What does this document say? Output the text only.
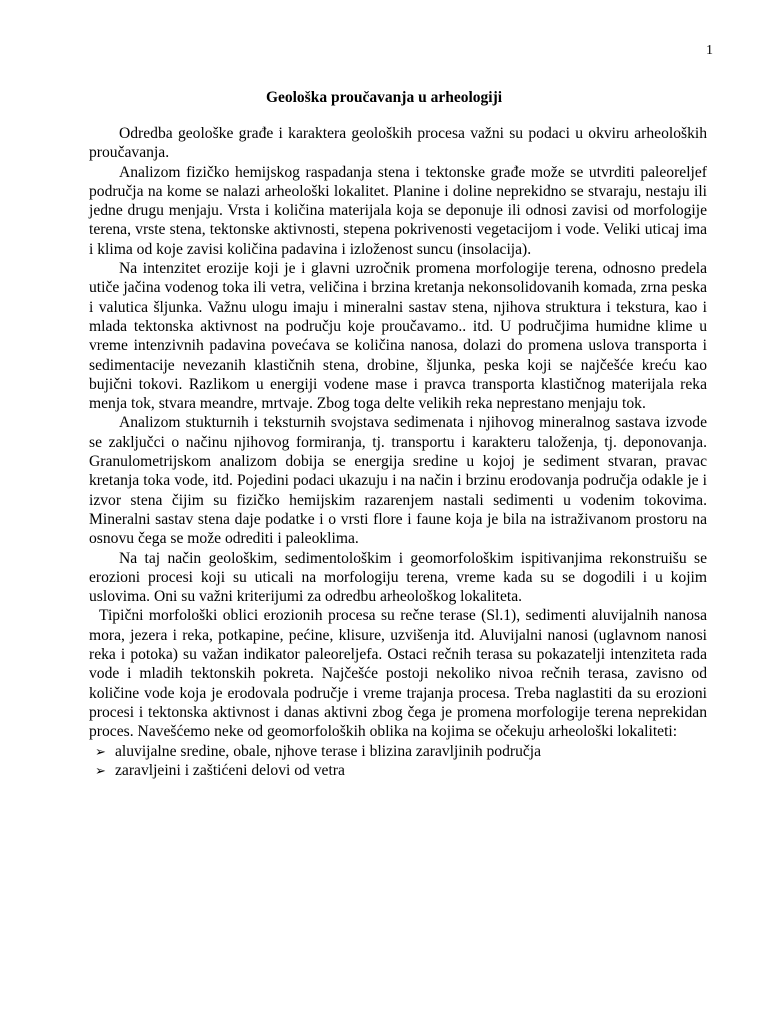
1
Geološka proučavanja u arheologiji

Odredba geološke građe i karaktera geoloških procesa važni su podaci u okviru arheoloških proučavanja.

Analizom fizičko hemijskog raspadanja stena i tektonske građe može se utvrditi paleoreljef područja na kome se nalazi arheološki lokalitet. Planine i doline neprekidno se stvaraju, nestaju ili jedne drugu menjaju. Vrsta i količina materijala koja se deponuje ili odnosi zavisi od morfologije terena, vrste stena, tektonske aktivnosti, stepena pokrivenosti vegetacijom i vode. Veliki uticaj ima i klima od koje zavisi količina padavina i izloženost suncu (insolacija).

Na intenzitet erozije koji je i glavni uzročnik promena morfologije terena, odnosno predela utiče jačina vodenog toka ili vetra, veličina i brzina kretanja nekonsolidovanih komada, zrna peska i valutica šljunka. Važnu ulogu imaju i mineralni sastav stena, njihova struktura i tekstura, kao i mlada tektonska aktivnost na području koje proučavamo.. itd. U područjima humidne klime u vreme intenzivnih padavina povećava se količina nanosa, dolazi do promena uslova transporta i sedimentacije nevezanih klastičnih stena, drobine, šljunka, peska koji se najčešće kreću kao bujični tokovi. Razlikom u energiji vodene mase i pravca transporta klastičnog materijala reka menja tok, stvara meandre, mrtvaje. Zbog toga delte velikih reka neprestano menjaju tok.

Analizom stukturnih i teksturnih svojstava sedimenata i njihovog mineralnog sastava izvode se zaključci o načinu njihovog formiranja, tj. transportu i karakteru taloženja, tj. deponovanja. Granulometrijskom analizom dobija se energija sredine u kojoj je sediment stvaran, pravac kretanja toka vode, itd. Pojedini podaci ukazuju i na način i brzinu erodovanja područja odakle je i izvor stena čijim su fizičko hemijskim razarenjem nastali sedimenti u vodenim tokovima. Mineralni sastav stena daje podatke i o vrsti flore i faune koja je bila na istraživanom prostoru na osnovu čega se može odrediti i paleoklima.

Na taj način geološkim, sedimentološkim i geomorfološkim ispitivanjima rekonstruišu se erozioni procesi koji su uticali na morfologiju terena, vreme kada su se dogodili i u kojim uslovima. Oni su važni kriterijumi za odredbu arheološkog lokaliteta.

Tipični morfološki oblici erozionih procesa su rečne terase (Sl.1), sedimenti aluvijalnih nanosa mora, jezera i reka, potkapine, pećine, klisure, uzvišenja itd. Aluvijalni nanosi (uglavnom nanosi reka i potoka) su važan indikator paleoreljefa. Ostaci rečnih terasa su pokazatelji intenziteta rada vode i mladih tektonskih pokreta. Najčešće postoji nekoliko nivoa rečnih terasa, zavisno od količine vode koja je erodovala područje i vreme trajanja procesa. Treba naglastiti da su erozioni procesi i tektonska aktivnost i danas aktivni zbog čega je promena morfologije terena neprekidan proces. Navešćemo neke od geomorfoloških oblika na kojima se očekuju arheološki lokaliteti:

➢ aluvijalne sredine, obale, njhove terase i blizina zaravljinih područja
➢ zaravljeini i zaštićeni delovi od vetra
